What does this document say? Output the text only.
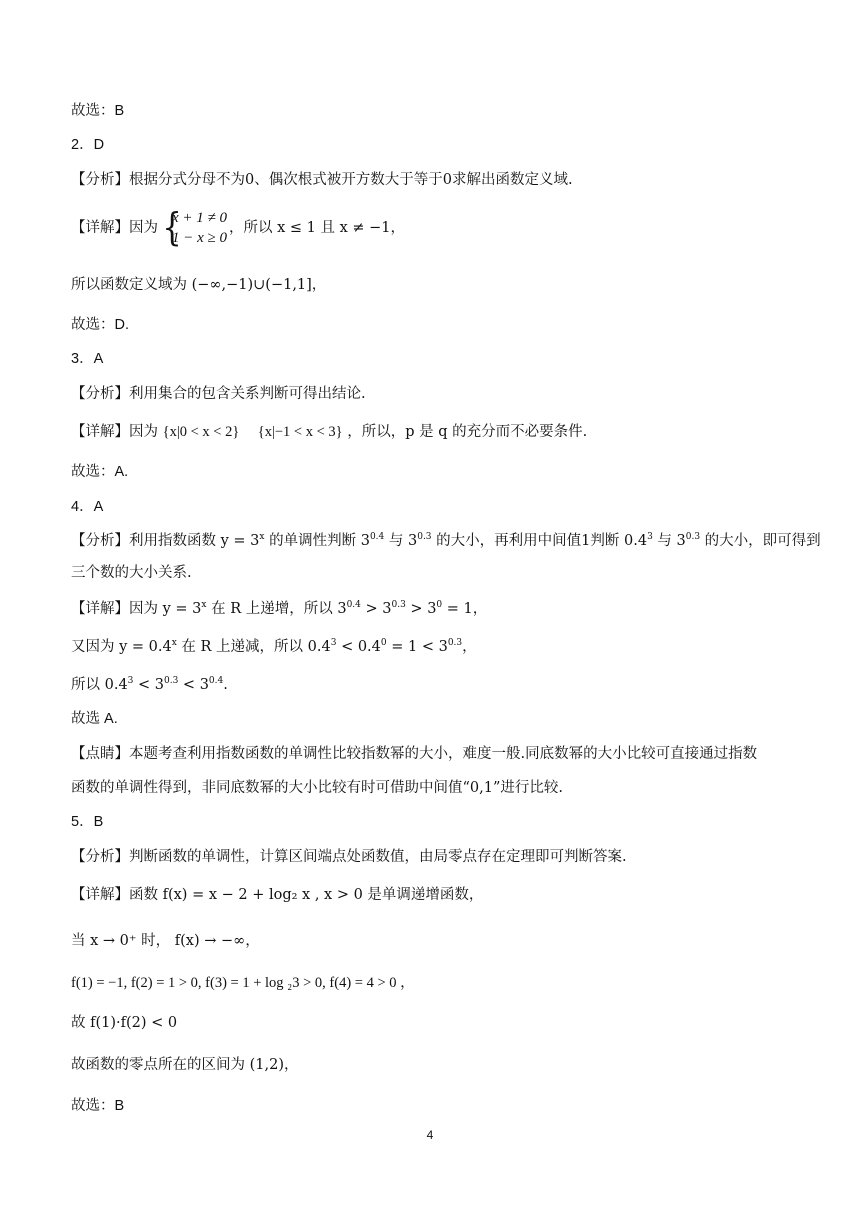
故选：B
2．D
【分析】根据分式分母不为0、偶次根式被开方数大于等于0求解出函数定义域.
【详解】因为 {
x + 1 ≠ 0
1 − x ≥ 0
，所以 x ≤ 1 且 x ≠ −1，
所以函数定义域为 (−∞,−1)∪(−1,1]，
故选：D.
3．A
【分析】利用集合的包含关系判断可得出结论.
【详解】因为 {x|0 < x < 2} {x|−1 < x < 3} ，所以，p 是 q 的充分而不必要条件.
故选：A.
4．A
【分析】利用指数函数 $y = 3^x$ 的单调性判断 $3^{0.4}$ 与 $3^{0.3}$ 的大小，再利用中间值1判断 $0.4^3$ 与 $3^{0.3}$ 的大小，即可得到
三个数的大小关系.
【详解】因为 $y = 3^x$ 在 R 上递增，所以 $3^{0.4} > 3^{0.3} > 3^0 = 1$，
又因为 $y = 0.4^x$ 在 R 上递减，所以 $0.4^3 < 0.4^0 = 1 < 3^{0.3}$，
所以 $0.4^3 < 3^{0.3} < 3^{0.4}$.
故选 A.
【点睛】本题考查利用指数函数的单调性比较指数幂的大小，难度一般.同底数幂的大小比较可直接通过指数
函数的单调性得到，非同底数幂的大小比较有时可借助中间值“0,1”进行比较.
5．B
【分析】判断函数的单调性，计算区间端点处函数值，由局零点存在定理即可判断答案.
【详解】函数 f(x) = x − 2 + log₂ x , x > 0 是单调递增函数，
当 x → 0⁺ 时， f(x) → −∞，
f(1) = −1, f(2) = 1 > 0, f(3) = 1 + log ₂3 > 0, f(4) = 4 > 0 ，
故 f(1)·f(2) < 0
故函数的零点所在的区间为 (1,2)，
故选：B
4
